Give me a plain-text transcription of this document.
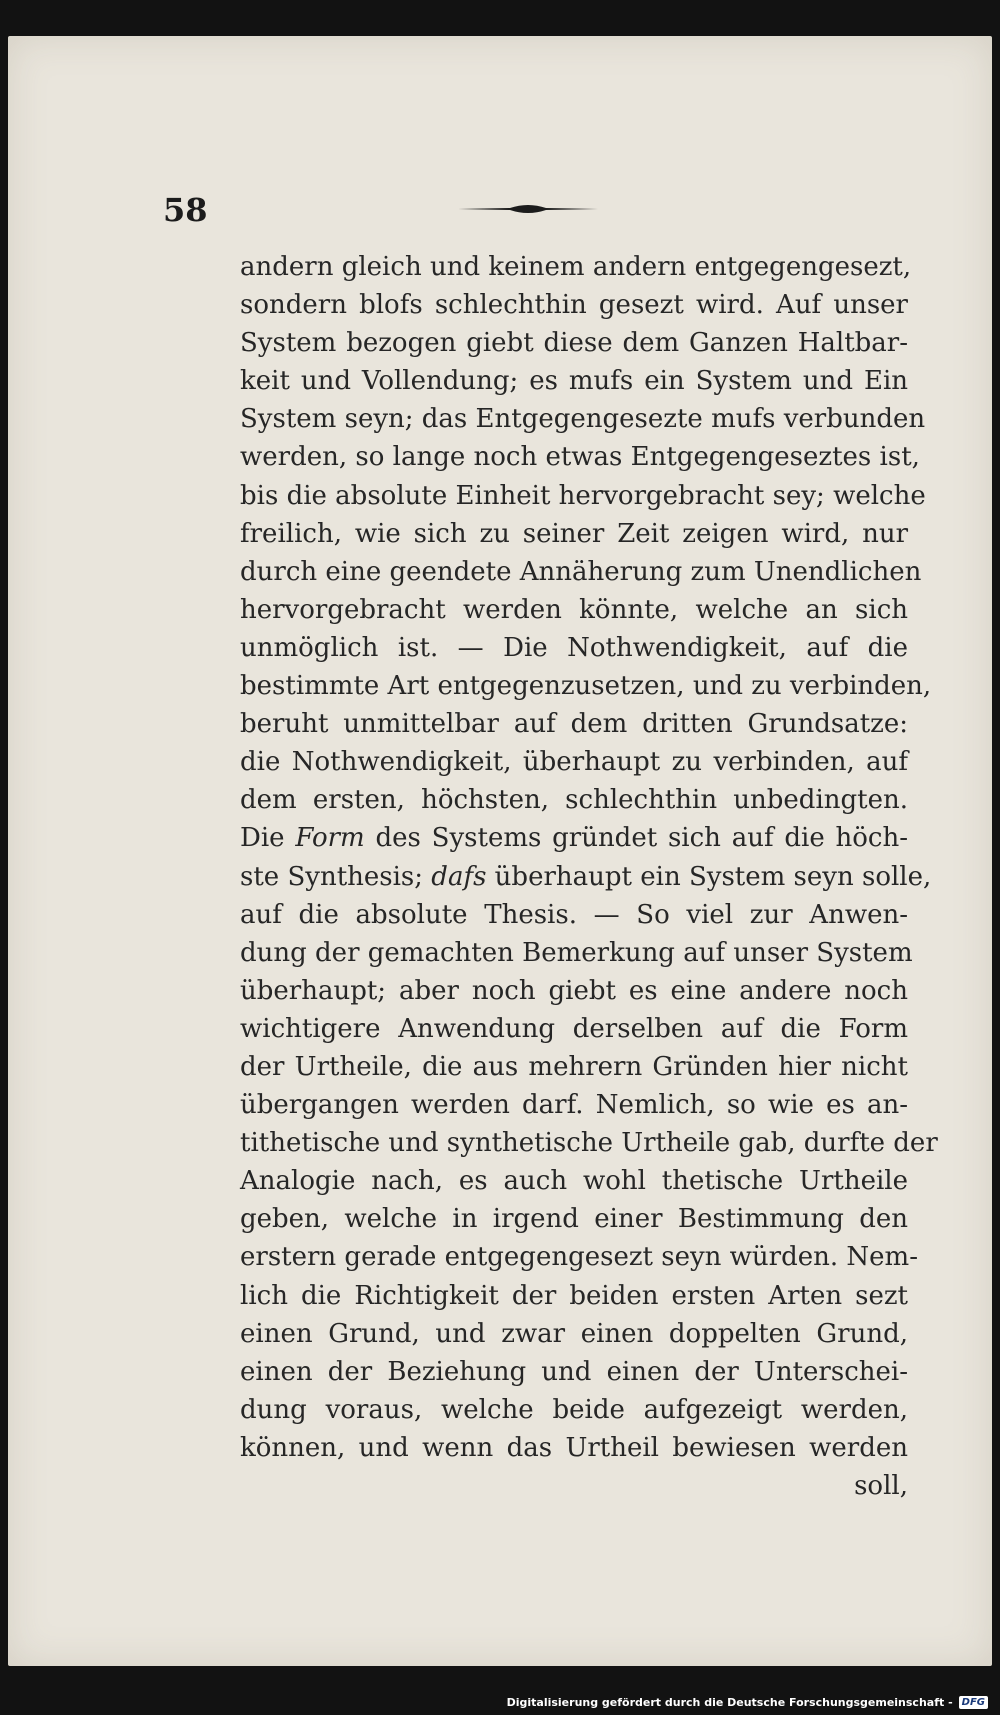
58
andern gleich und keinem andern entgegengesezt,
sondern blofs schlechthin gesezt wird. Auf unser
System bezogen giebt diese dem Ganzen Haltbar-
keit und Vollendung; es mufs ein System und Ein
System seyn; das Entgegengesezte mufs verbunden
werden, so lange noch etwas Entgegengeseztes ist,
bis die absolute Einheit hervorgebracht sey; welche
freilich, wie sich zu seiner Zeit zeigen wird, nur
durch eine geendete Annäherung zum Unendlichen
hervorgebracht werden könnte, welche an sich
unmöglich ist. — Die Nothwendigkeit, auf die
bestimmte Art entgegenzusetzen, und zu verbinden,
beruht unmittelbar auf dem dritten Grundsatze:
die Nothwendigkeit, überhaupt zu verbinden, auf
dem ersten, höchsten, schlechthin unbedingten.
Die Form des Systems gründet sich auf die höch-
ste Synthesis; dafs überhaupt ein System seyn solle,
auf die absolute Thesis. — So viel zur Anwen-
dung der gemachten Bemerkung auf unser System
überhaupt; aber noch giebt es eine andere noch
wichtigere Anwendung derselben auf die Form
der Urtheile, die aus mehrern Gründen hier nicht
übergangen werden darf. Nemlich, so wie es an-
tithetische und synthetische Urtheile gab, durfte der
Analogie nach, es auch wohl thetische Urtheile
geben, welche in irgend einer Bestimmung den
erstern gerade entgegengesezt seyn würden. Nem-
lich die Richtigkeit der beiden ersten Arten sezt
einen Grund, und zwar einen doppelten Grund,
einen der Beziehung und einen der Unterschei-
dung voraus, welche beide aufgezeigt werden,
können, und wenn das Urtheil bewiesen werden
soll,
Digitalisierung gefördert durch die Deutsche Forschungsgemeinschaft - DFG
